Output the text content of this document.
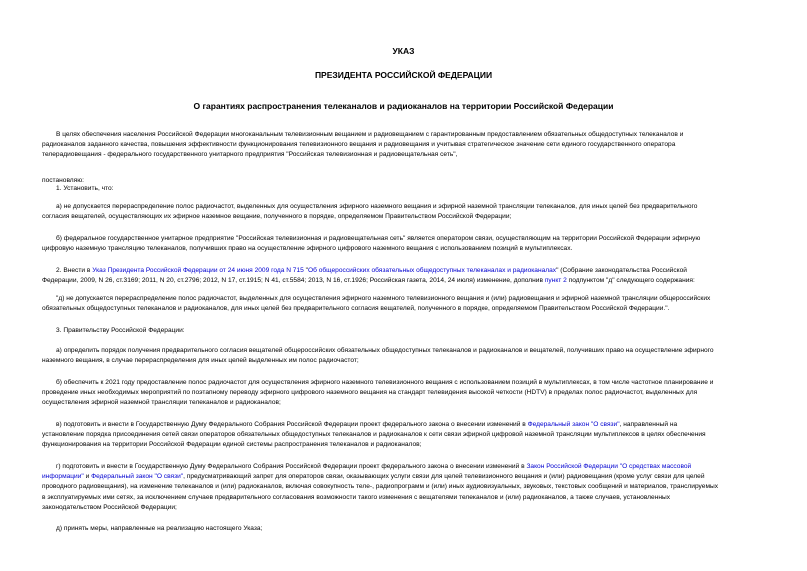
УКАЗ
ПРЕЗИДЕНТА РОССИЙСКОЙ ФЕДЕРАЦИИ
О гарантиях распространения телеканалов и радиоканалов на территории Российской Федерации
В целях обеспечения населения Российской Федерации многоканальным телевизионным вещанием и радиовещанием с гарантированным предоставлением обязательных общедоступных телеканалов и
радиоканалов заданного качества, повышения эффективности функционирования телевизионного вещания и радиовещания и учитывая стратегическое значение сети единого государственного оператора
телерадиовещания - федерального государственного унитарного предприятия "Российская телевизионная и радиовещательная сеть",
постановляю:
1. Установить, что:
а) не допускается перераспределение полос радиочастот, выделенных для осуществления эфирного наземного вещания и эфирной наземной трансляции телеканалов, для иных целей без предварительного
согласия вещателей, осуществляющих их эфирное наземное вещание, полученного в порядке, определяемом Правительством Российской Федерации;
б) федеральное государственное унитарное предприятие "Российская телевизионная и радиовещательная сеть" является оператором связи, осуществляющим на территории Российской Федерации эфирную
цифровую наземную трансляцию телеканалов, получивших право на осуществление эфирного цифрового наземного вещания с использованием позиций в мультиплексах.
2. Внести в Указ Президента Российской Федерации от 24 июня 2009 года N 715 "Об общероссийских обязательных общедоступных телеканалах и радиоканалах" (Собрание законодательства Российской
Федерации, 2009, N 26, ст.3169; 2011, N 20, ст.2796; 2012, N 17, ст.1915; N 41, ст.5584; 2013, N 16, ст.1926; Российская газета, 2014, 24 июля) изменение, дополнив пункт 2 подпунктом "д" следующего содержания:
"д) не допускается перераспределение полос радиочастот, выделенных для осуществления эфирного наземного телевизионного вещания и (или) радиовещания и эфирной наземной трансляции общероссийских
обязательных общедоступных телеканалов и радиоканалов, для иных целей без предварительного согласия вещателей, полученного в порядке, определяемом Правительством Российской Федерации.".
3. Правительству Российской Федерации:
а) определить порядок получения предварительного согласия вещателей общероссийских обязательных общедоступных телеканалов и радиоканалов и вещателей, получивших право на осуществление эфирного
наземного вещания, в случае перераспределения для иных целей выделенных им полос радиочастот;
б) обеспечить к 2021 году предоставление полос радиочастот для осуществления эфирного наземного телевизионного вещания с использованием позиций в мультиплексах, в том числе частотное планирование и
проведение иных необходимых мероприятий по поэтапному переводу эфирного цифрового наземного вещания на стандарт телевидения высокой четкости (HDTV) в пределах полос радиочастот, выделенных для
осуществления эфирной наземной трансляции телеканалов и радиоканалов;
в) подготовить и внести в Государственную Думу Федерального Собрания Российской Федерации проект федерального закона о внесении изменений в Федеральный закон "О связи", направленный на
установление порядка присоединения сетей связи операторов обязательных общедоступных телеканалов и радиоканалов к сети связи эфирной цифровой наземной трансляции мультиплексов в целях обеспечения
функционирования на территории Российской Федерации единой системы распространения телеканалов и радиоканалов;
г) подготовить и внести в Государственную Думу Федерального Собрания Российской Федерации проект федерального закона о внесении изменений в Закон Российской Федерации "О средствах массовой
информации" и Федеральный закон "О связи", предусматривающий запрет для операторов связи, оказывающих услуги связи для целей телевизионного вещания и (или) радиовещания (кроме услуг связи для целей
проводного радиовещания), на изменение телеканалов и (или) радиоканалов, включая совокупность теле-, радиопрограмм и (или) иных аудиовизуальных, звуковых, текстовых сообщений и материалов, транслируемых
в эксплуатируемых ими сетях, за исключением случаев предварительного согласования возможности такого изменения с вещателями телеканалов и (или) радиоканалов, а также случаев, установленных
законодательством Российской Федерации;
д) принять меры, направленные на реализацию настоящего Указа;
